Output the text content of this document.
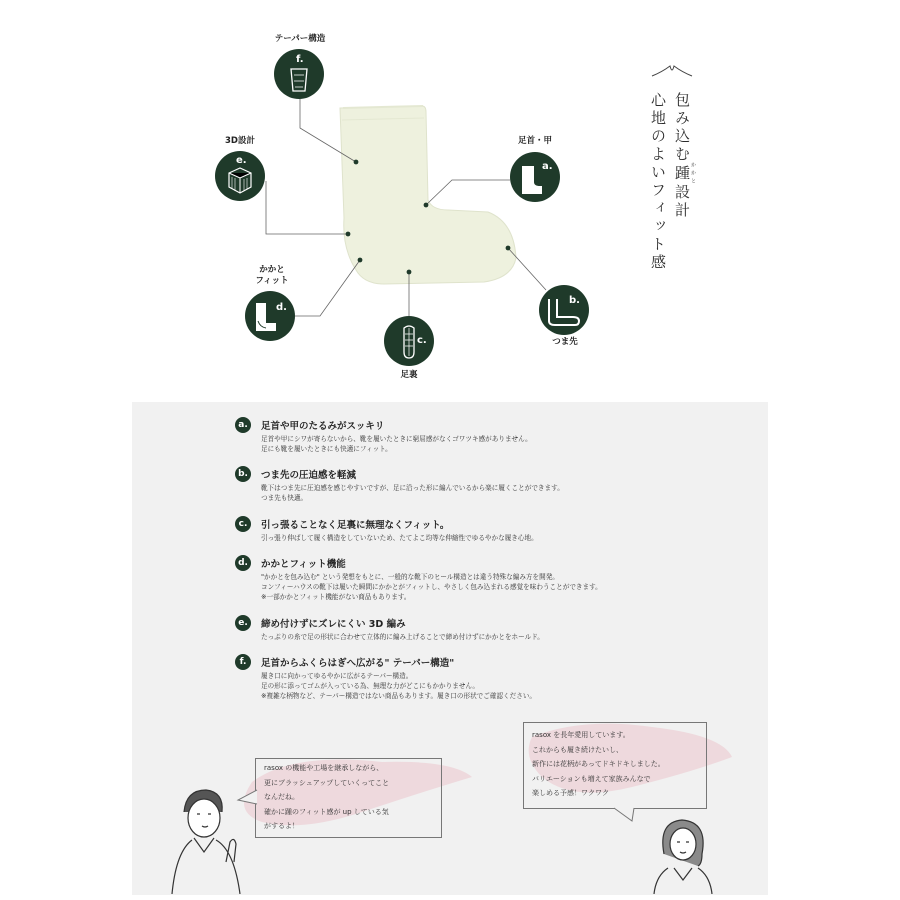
テーパー構造
f.
3D設計
e.
足首・甲
a.
b.
つま先
c.
足裏
かかと
フィット
d.
包み込む踵 かかと設計
心地のよいフィット感
a.	足首や甲のたるみがスッキリ
足首や甲にシワが寄らないから、靴を履いたときに窮屈感がなくゴワツキ感がありません。
足にも靴を履いたときにも快適にフィット。
b.	つま先の圧迫感を軽減
靴下はつま先に圧迫感を感じやすいですが、足に沿った形に編んでいるから楽に履くことができます。
つま先も快適。
c.	引っ張ることなく足裏に無理なくフィット。
引っ張り伸ばして履く構造をしていないため、たてよこ均等な伸縮性でゆるやかな履き心地。
d.	かかとフィット機能
"かかとを包み込む" という発想をもとに、一般的な靴下のヒール構造とは違う特殊な編み方を開発。
コンフィーハウスの靴下は履いた瞬間にかかとがフィットし、やさしく包み込まれる感覚を味わうことができます。
※一部かかとフィット機能がない商品もあります。
e.	締め付けずにズレにくい 3D 編み
たっぷりの糸で足の形状に合わせて立体的に編み上げることで締め付けずにかかとをホールド。
f.	足首からふくらはぎへ広がる" テーパー構造"
履き口に向かってゆるやかに広がるテーパー構造。
足の形に添ってゴムが入っている為、無理な力がどこにもかかりません。
※複雑な柄物など、テーパー構造ではない商品もあります。履き口の形状でご確認ください。
rasox の機能や工場を継承しながら、
更にブラッシュアップしていくってこと
なんだね。
確かに踵のフィット感が up している気
がするよ！
rasox を長年愛用しています。
これからも履き続けたいし、
新作には花柄があってドキドキしました。
バリエーションも増えて家族みんなで
楽しめる予感！ワクワク
